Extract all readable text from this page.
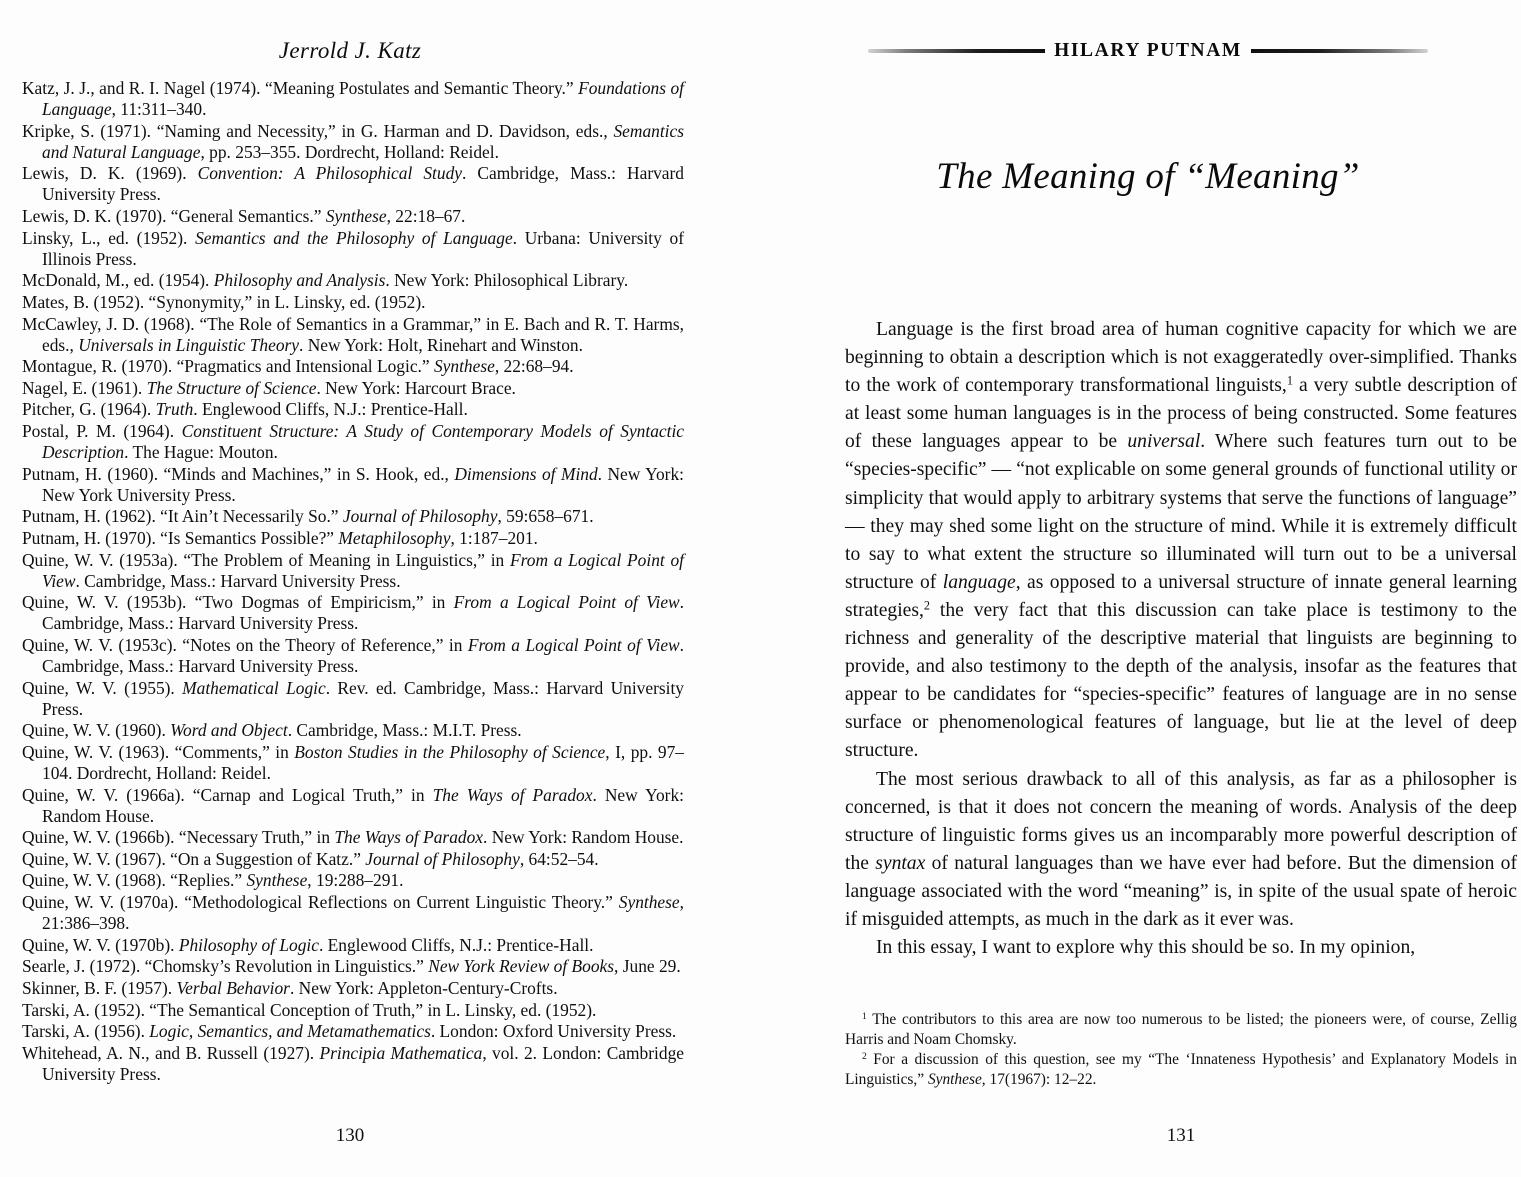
Jerrold J. Katz

Katz, J. J., and R. I. Nagel (1974). “Meaning Postulates and Semantic Theory.” Foundations of Language, 11:311–340.

Kripke, S. (1971). “Naming and Necessity,” in G. Harman and D. Davidson, eds., Semantics and Natural Language, pp. 253–355. Dordrecht, Holland: Reidel.

Lewis, D. K. (1969). Convention: A Philosophical Study. Cambridge, Mass.: Harvard University Press.

Lewis, D. K. (1970). “General Semantics.” Synthese, 22:18–67.

Linsky, L., ed. (1952). Semantics and the Philosophy of Language. Urbana: University of Illinois Press.

McDonald, M., ed. (1954). Philosophy and Analysis. New York: Philosophical Library.

Mates, B. (1952). “Synonymity,” in L. Linsky, ed. (1952).

McCawley, J. D. (1968). “The Role of Semantics in a Grammar,” in E. Bach and R. T. Harms, eds., Universals in Linguistic Theory. New York: Holt, Rinehart and Winston.

Montague, R. (1970). “Pragmatics and Intensional Logic.” Synthese, 22:68–94.

Nagel, E. (1961). The Structure of Science. New York: Harcourt Brace.

Pitcher, G. (1964). Truth. Englewood Cliffs, N.J.: Prentice-Hall.

Postal, P. M. (1964). Constituent Structure: A Study of Contemporary Models of Syntactic Description. The Hague: Mouton.

Putnam, H. (1960). “Minds and Machines,” in S. Hook, ed., Dimensions of Mind. New York: New York University Press.

Putnam, H. (1962). “It Ain’t Necessarily So.” Journal of Philosophy, 59:658–671.

Putnam, H. (1970). “Is Semantics Possible?” Metaphilosophy, 1:187–201.

Quine, W. V. (1953a). “The Problem of Meaning in Linguistics,” in From a Logical Point of View. Cambridge, Mass.: Harvard University Press.

Quine, W. V. (1953b). “Two Dogmas of Empiricism,” in From a Logical Point of View. Cambridge, Mass.: Harvard University Press.

Quine, W. V. (1953c). “Notes on the Theory of Reference,” in From a Logical Point of View. Cambridge, Mass.: Harvard University Press.

Quine, W. V. (1955). Mathematical Logic. Rev. ed. Cambridge, Mass.: Harvard University Press.

Quine, W. V. (1960). Word and Object. Cambridge, Mass.: M.I.T. Press.

Quine, W. V. (1963). “Comments,” in Boston Studies in the Philosophy of Science, I, pp. 97–104. Dordrecht, Holland: Reidel.

Quine, W. V. (1966a). “Carnap and Logical Truth,” in The Ways of Paradox. New York: Random House.

Quine, W. V. (1966b). “Necessary Truth,” in The Ways of Paradox. New York: Random House.

Quine, W. V. (1967). “On a Suggestion of Katz.” Journal of Philosophy, 64:52–54.

Quine, W. V. (1968). “Replies.” Synthese, 19:288–291.

Quine, W. V. (1970a). “Methodological Reflections on Current Linguistic Theory.” Synthese, 21:386–398.

Quine, W. V. (1970b). Philosophy of Logic. Englewood Cliffs, N.J.: Prentice-Hall.

Searle, J. (1972). “Chomsky’s Revolution in Linguistics.” New York Review of Books, June 29.

Skinner, B. F. (1957). Verbal Behavior. New York: Appleton-Century-Crofts.

Tarski, A. (1952). “The Semantical Conception of Truth,” in L. Linsky, ed. (1952).

Tarski, A. (1956). Logic, Semantics, and Metamathematics. London: Oxford University Press.

Whitehead, A. N., and B. Russell (1927). Principia Mathematica, vol. 2. London: Cambridge University Press.

130
HILARY PUTNAM
The Meaning of “Meaning”

Language is the first broad area of human cognitive capacity for which we are beginning to obtain a description which is not exaggeratedly over-simplified. Thanks to the work of contemporary transformational linguists,$^1$ a very subtle description of at least some human languages is in the process of being constructed. Some features of these languages appear to be universal. Where such features turn out to be “species-specific” — “not explicable on some general grounds of functional utility or simplicity that would apply to arbitrary systems that serve the functions of language” — they may shed some light on the structure of mind. While it is extremely difficult to say to what extent the structure so illuminated will turn out to be a universal structure of language, as opposed to a universal structure of innate general learning strategies,$^2$ the very fact that this discussion can take place is testimony to the richness and generality of the descriptive material that linguists are beginning to provide, and also testimony to the depth of the analysis, insofar as the features that appear to be candidates for “species-specific” features of language are in no sense surface or phenomenological features of language, but lie at the level of deep structure.

The most serious drawback to all of this analysis, as far as a philosopher is concerned, is that it does not concern the meaning of words. Analysis of the deep structure of linguistic forms gives us an incomparably more powerful description of the syntax of natural languages than we have ever had before. But the dimension of language associated with the word “meaning” is, in spite of the usual spate of heroic if misguided attempts, as much in the dark as it ever was.

In this essay, I want to explore why this should be so. In my opinion,

$^1$ The contributors to this area are now too numerous to be listed; the pioneers were, of course, Zellig Harris and Noam Chomsky.

$^2$ For a discussion of this question, see my “The ‘Innateness Hypothesis’ and Explanatory Models in Linguistics,” Synthese, 17(1967): 12–22.

131
